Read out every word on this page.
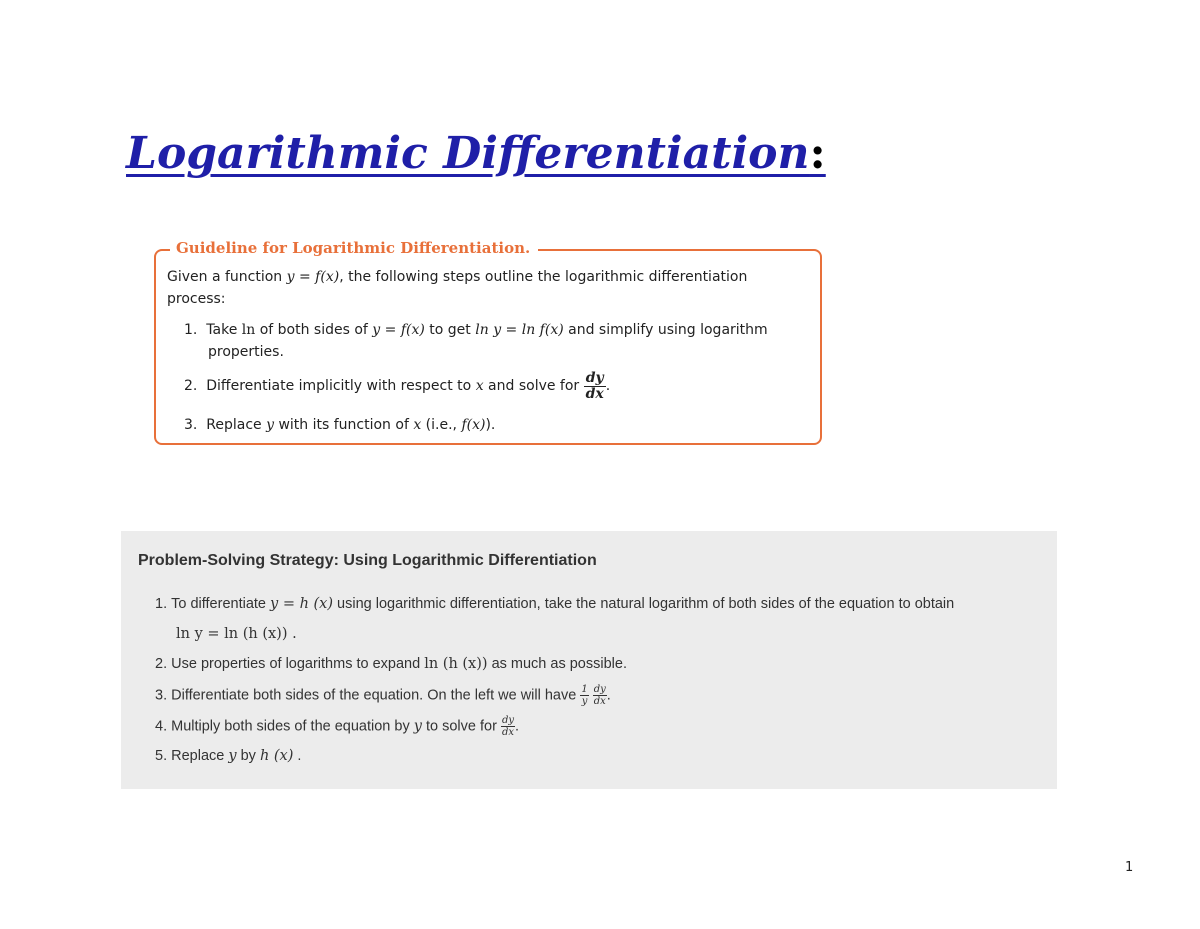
Logarithmic Differentiation:
Guideline for Logarithmic Differentiation.
Given a function y = f(x), the following steps outline the logarithmic differentiation
process:
1. Take ln of both sides of y = f(x) to get ln y = ln f(x) and simplify using logarithm
properties.
2. Differentiate implicitly with respect to x and solve for $\frac{dy}{dx}$ .
3. Replace y with its function of x (i.e., f(x)).
Problem-Solving Strategy: Using Logarithmic Differentiation
1. To differentiate y = h (x) using logarithmic differentiation, take the natural logarithm of both sides of the equation to obtain
ln y = ln (h (x)) .
2. Use properties of logarithms to expand ln (h (x)) as much as possible.
3. Differentiate both sides of the equation. On the left we will have $\frac{1}{y}$
$\frac{dy}{dx}$ .
4. Multiply both sides of the equation by y to solve for $\frac{dy}{dx}$ .
5. Replace y by h (x) .
1
